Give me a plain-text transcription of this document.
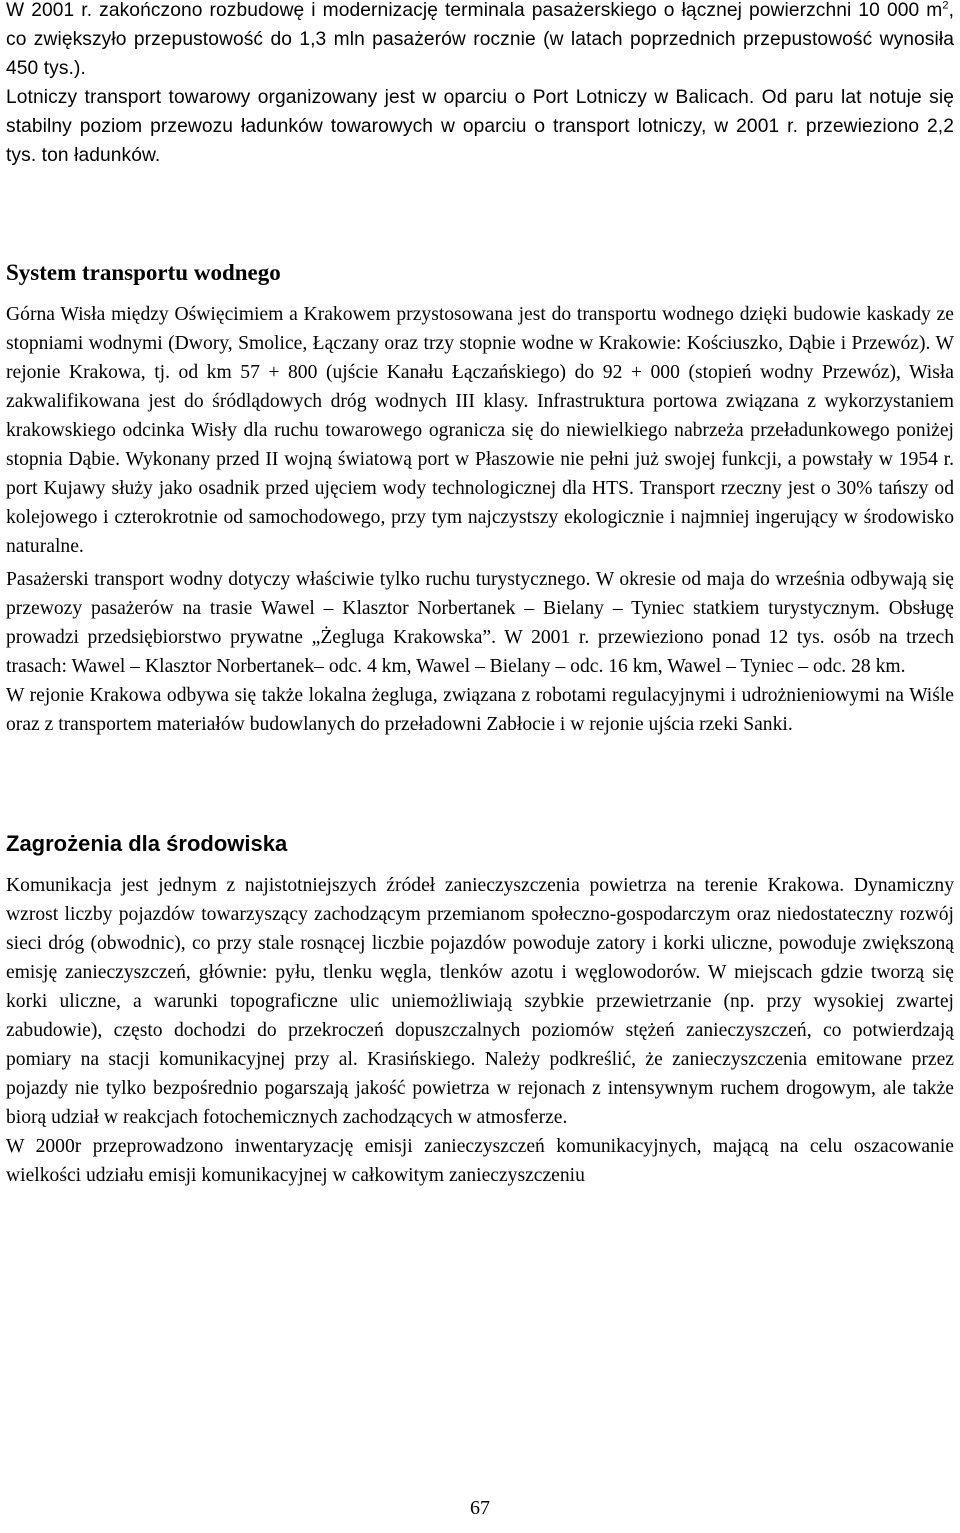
W 2001 r. zakończono rozbudowę i modernizację terminala pasażerskiego o łącznej powierzchni 10 000 $m^2$, co zwiększyło przepustowość do 1,3 mln pasażerów rocznie (w latach poprzednich przepustowość wynosiła 450 tys.).

Lotniczy transport towarowy organizowany jest w oparciu o Port Lotniczy w Balicach. Od paru lat notuje się stabilny poziom przewozu ładunków towarowych w oparciu o transport lotniczy, w 2001 r. przewieziono 2,2 tys. ton ładunków.

System transportu wodnego

Górna Wisła między Oświęcimiem a Krakowem przystosowana jest do transportu wodnego dzięki budowie kaskady ze stopniami wodnymi (Dwory, Smolice, Łączany oraz trzy stopnie wodne w Krakowie: Kościuszko, Dąbie i Przewóz). W rejonie Krakowa, tj. od km 57 + 800 (ujście Kanału Łączańskiego) do 92 + 000 (stopień wodny Przewóz), Wisła zakwalifikowana jest do śródlądowych dróg wodnych III klasy. Infrastruktura portowa związana z wykorzystaniem krakowskiego odcinka Wisły dla ruchu towarowego ogranicza się do niewielkiego nabrzeża przeładunkowego poniżej stopnia Dąbie. Wykonany przed II wojną światową port w Płaszowie nie pełni już swojej funkcji, a powstały w 1954 r. port Kujawy służy jako osadnik przed ujęciem wody technologicznej dla HTS. Transport rzeczny jest o 30% tańszy od kolejowego i czterokrotnie od samochodowego, przy tym najczystszy ekologicznie i najmniej ingerujący w środowisko naturalne.

Pasażerski transport wodny dotyczy właściwie tylko ruchu turystycznego. W okresie od maja do września odbywają się przewozy pasażerów na trasie Wawel – Klasztor Norbertanek – Bielany – Tyniec statkiem turystycznym. Obsługę prowadzi przedsiębiorstwo prywatne „Żegluga Krakowska”. W 2001 r. przewieziono ponad 12 tys. osób na trzech trasach: Wawel – Klasztor Norbertanek– odc. 4 km, Wawel – Bielany – odc. 16 km, Wawel – Tyniec – odc. 28 km.

W rejonie Krakowa odbywa się także lokalna żegluga, związana z robotami regulacyjnymi i udrożnieniowymi na Wiśle oraz z transportem materiałów budowlanych do przeładowni Zabłocie i w rejonie ujścia rzeki Sanki.

Zagrożenia dla środowiska

Komunikacja jest jednym z najistotniejszych źródeł zanieczyszczenia powietrza na terenie Krakowa. Dynamiczny wzrost liczby pojazdów towarzyszący zachodzącym przemianom społeczno-gospodarczym oraz niedostateczny rozwój sieci dróg (obwodnic), co przy stale rosnącej liczbie pojazdów powoduje zatory i korki uliczne, powoduje zwiększoną emisję zanieczyszczeń, głównie: pyłu, tlenku węgla, tlenków azotu i węglowodorów. W miejscach gdzie tworzą się korki uliczne, a warunki topograficzne ulic uniemożliwiają szybkie przewietrzanie (np. przy wysokiej zwartej zabudowie), często dochodzi do przekroczeń dopuszczalnych poziomów stężeń zanieczyszczeń, co potwierdzają pomiary na stacji komunikacyjnej przy al. Krasińskiego. Należy podkreślić, że zanieczyszczenia emitowane przez pojazdy nie tylko bezpośrednio pogarszają jakość powietrza w rejonach z intensywnym ruchem drogowym, ale także biorą udział w reakcjach fotochemicznych zachodzących w atmosferze.

W 2000r przeprowadzono inwentaryzację emisji zanieczyszczeń komunikacyjnych, mającą na celu oszacowanie wielkości udziału emisji komunikacyjnej w całkowitym zanieczyszczeniu

67
